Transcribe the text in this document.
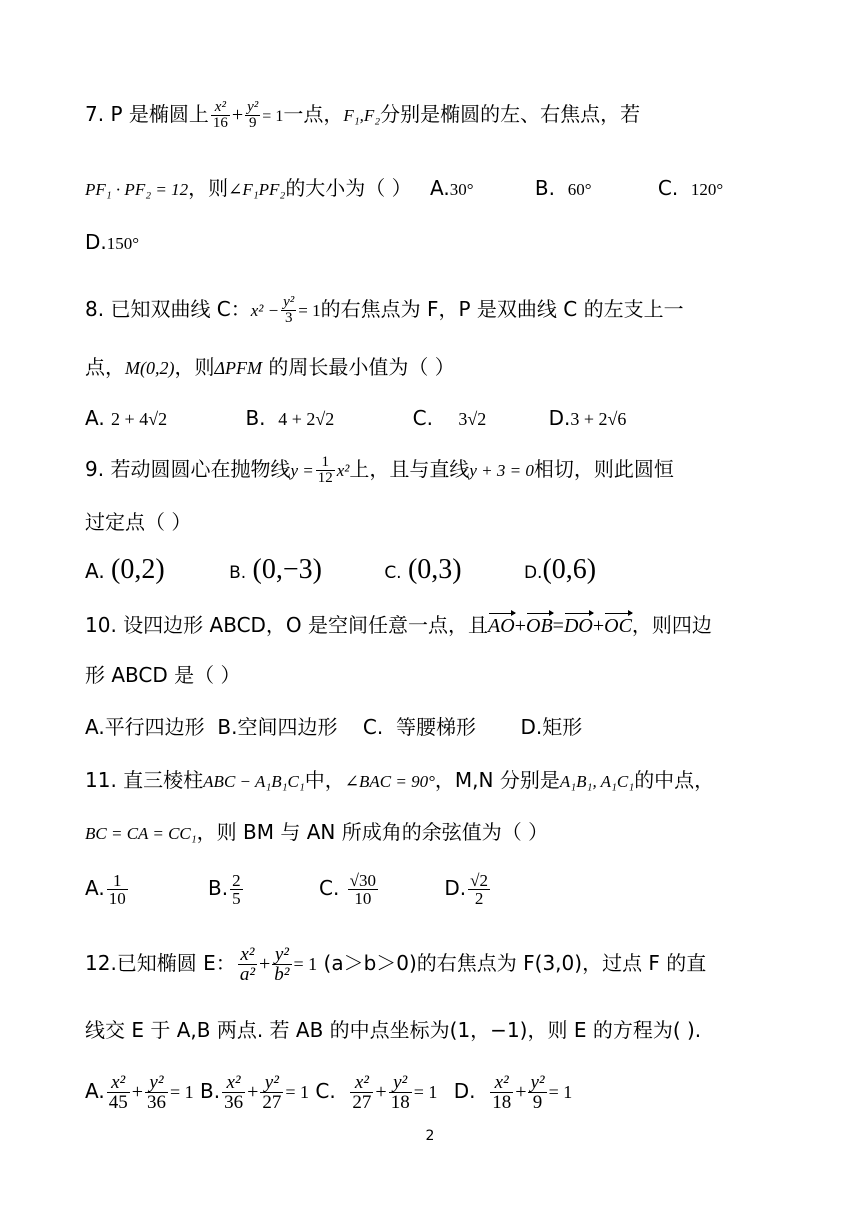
7. P 是椭圆上 $\frac{\text{x²}}{16} + \frac{\text{y²}}{9} = 1$一点，F₁,F₂分别是椭圆的左、右焦点，若
PF₁ · PF₂ = 12，则∠F₁PF₂的大小为（ ） A.30°	B. 60°	C. 120°
D.150°
8. 已知双曲线 C：$x^2 - \frac{\text{y²}}{3} = 1$的右焦点为 F，P 是双曲线 C 的左支上一
点，M(0,2)，则ΔPFM 的周长最小值为（ ）
A. 2 + 4√2	B. 4 + 2√2	C. 3√2	D.3 + 2√6
9. 若动圆圆心在抛物线$y = \frac{1}{12} x^2$上，且与直线y + 3 = 0相切，则此圆恒
过定点（ ）
A. (0,2)	B. (0,−3)	C. (0,3)	D.(0,6)
10. 设四边形 ABCD，O 是空间任意一点，且AO+OB=DO+OC，则四边
形 ABCD 是（ ）
A.平行四边形  B.空间四边形    C.  等腰梯形       D.矩形
11. 直三棱柱ABC − A₁B₁C₁中，∠BAC = 90°，M,N 分别是A₁B₁, A₁C₁的中点，
BC = CA = CC₁，则 BM 与 AN 所成角的余弦值为（ ）
A. $\frac{1}{10}$	B. $\frac{2}{5}$	C. $\frac{√30}{10}$	D. $\frac{√2}{2}$
12.已知椭圆 E： $\frac{\text{x²}}{\text{a²}} + \frac{\text{y²}}{\text{b²}} = 1$ (a＞b＞0)的右焦点为 F(3,0)，过点 F 的直
线交 E 于 A,B 两点. 若 AB 的中点坐标为(1，−1)，则 E 的方程为( ).
A. $\frac{\text{x²}}{45} + \frac{\text{y²}}{36} = 1$ B. $\frac{\text{x²}}{36} + \frac{\text{y²}}{27} = 1$ C. $\frac{\text{x²}}{27} + \frac{\text{y²}}{18} = 1$ D. $\frac{\text{x²}}{18} + \frac{\text{y²}}{9} = 1$
2
